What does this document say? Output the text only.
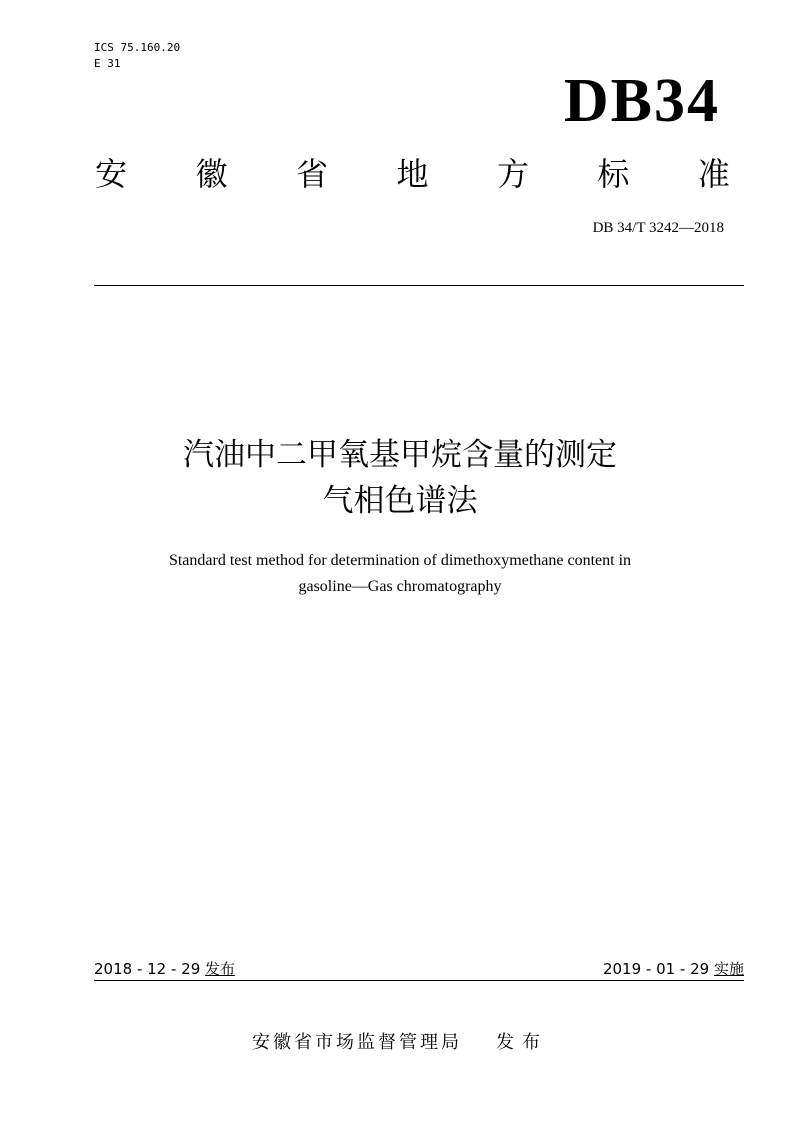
ICS 75.160.20
E 31
DB34
安 徽 省 地 方 标 准
DB 34/T 3242—2018
汽油中二甲氧基甲烷含量的测定
气相色谱法
Standard test method for determination of dimethoxymethane content in
gasoline—Gas chromatography
2018 - 12 - 29 发布	2019 - 01 - 29 实施
安徽省市场监督管理局 发布
